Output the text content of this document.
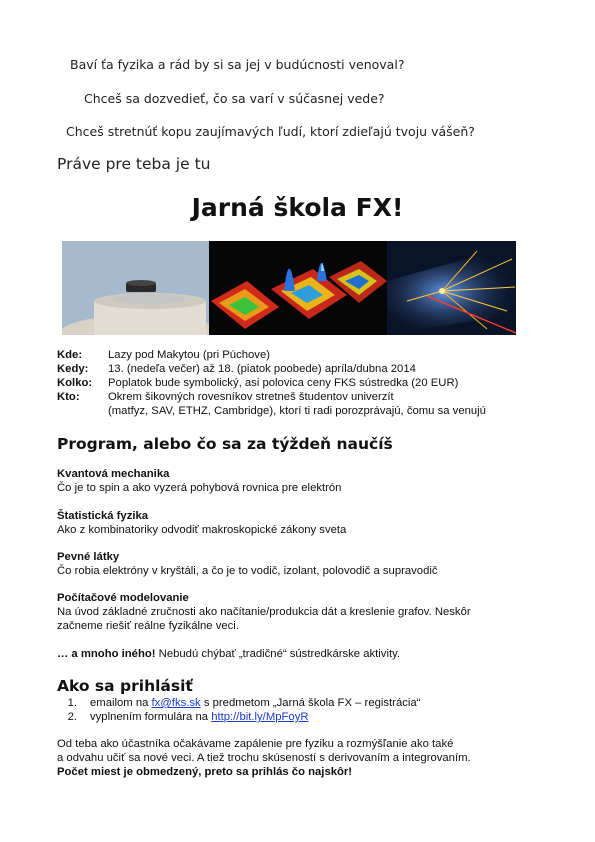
Baví ťa fyzika a rád by si sa jej v budúcnosti venoval?
Chceš sa dozvedieť, čo sa varí v súčasnej vede?
Chceš stretnúť kopu zaujímavých ľudí, ktorí zdieľajú tvoju vášeň?
Práve pre teba je tu
Jarná škola FX!
Kde:	Lazy pod Makytou (pri Púchove)
Kedy:	13. (nedeľa večer) až 18. (piatok poobede) apríla/dubna 2014
Kolko:	Poplatok bude symbolický, asi polovica ceny FKS sústredka (20 EUR)
Kto:	Okrem šikovných rovesníkov stretneš študentov univerzít
(matfyz, SAV, ETHZ, Cambridge), ktorí ti radi porozprávajú, čomu sa venujú
Program, alebo čo sa za týždeň naučíš
Kvantová mechanika
Čo je to spin a ako vyzerá pohybová rovnica pre elektrón
Štatistická fyzika
Ako z kombinatoriky odvodiť makroskopické zákony sveta
Pevné látky
Čo robia elektróny v kryštáli, a čo je to vodič, izolant, polovodič a supravodič
Počítačové modelovanie
Na úvod základné zručnosti ako načítanie/produkcia dát a kreslenie grafov. Neskôr
začneme riešiť reálne fyzikálne veci.
… a mnoho iného! Nebudú chýbať „tradičné“ sústredkárske aktivity.
Ako sa prihlásiť
1.	emailom na fx@fks.sk s predmetom „Jarná škola FX – registrácia“
2.	vyplnením formulára na http://bit.ly/MpFoyR
Od teba ako účastníka očakávame zapálenie pre fyziku a rozmýšľanie ako také
a odvahu učiť sa nové veci. A tiež trochu skúseností s derivovaním a integrovaním.
Počet miest je obmedzený, preto sa prihlás čo najskôr!
